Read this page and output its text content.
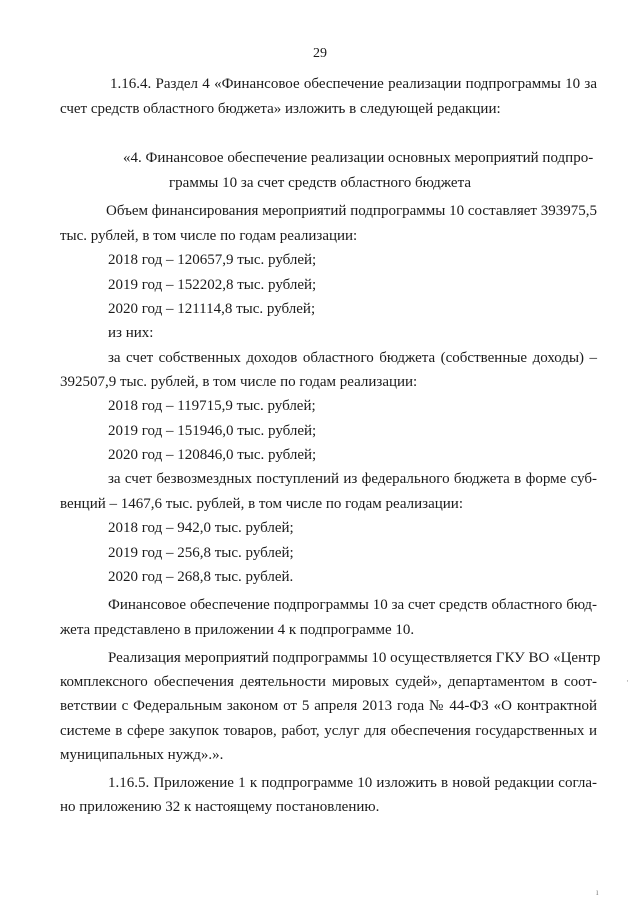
29
1.16.4. Раздел 4 «Финансовое обеспечение реализации подпрограммы 10 за
счет средств областного бюджета» изложить в следующей редакции:
«4. Финансовое обеспечение реализации основных мероприятий подпро-
граммы 10 за счет средств областного бюджета
Объем финансирования мероприятий подпрограммы 10 составляет 393975,5
тыс. рублей, в том числе по годам реализации:
2018 год – 120657,9 тыс. рублей;
2019 год – 152202,8 тыс. рублей;
2020 год – 121114,8 тыс. рублей;
из них:
за счет собственных доходов областного бюджета (собственные доходы) –
392507,9 тыс. рублей, в том числе по годам реализации:
2018 год – 119715,9 тыс. рублей;
2019 год – 151946,0 тыс. рублей;
2020 год – 120846,0 тыс. рублей;
за счет безвозмездных поступлений из федерального бюджета в форме суб-
венций – 1467,6 тыс. рублей, в том числе по годам реализации:
2018 год – 942,0 тыс. рублей;
2019 год – 256,8 тыс. рублей;
2020 год – 268,8 тыс. рублей.
Финансовое обеспечение подпрограммы 10 за счет средств областного бюд-
жета представлено в приложении 4 к подпрограмме 10.
Реализация мероприятий подпрограммы 10 осуществляется ГКУ ВО «Центр
комплексного обеспечения деятельности мировых судей», департаментом в соот-
ветствии с Федеральным законом от 5 апреля 2013 года № 44-ФЗ «О контрактной
системе в сфере закупок товаров, работ, услуг для обеспечения государственных и
муниципальных нужд».».
1.16.5. Приложение 1 к подпрограмме 10 изложить в новой редакции согла-
но приложению 32 к настоящему постановлению.
·
ı
